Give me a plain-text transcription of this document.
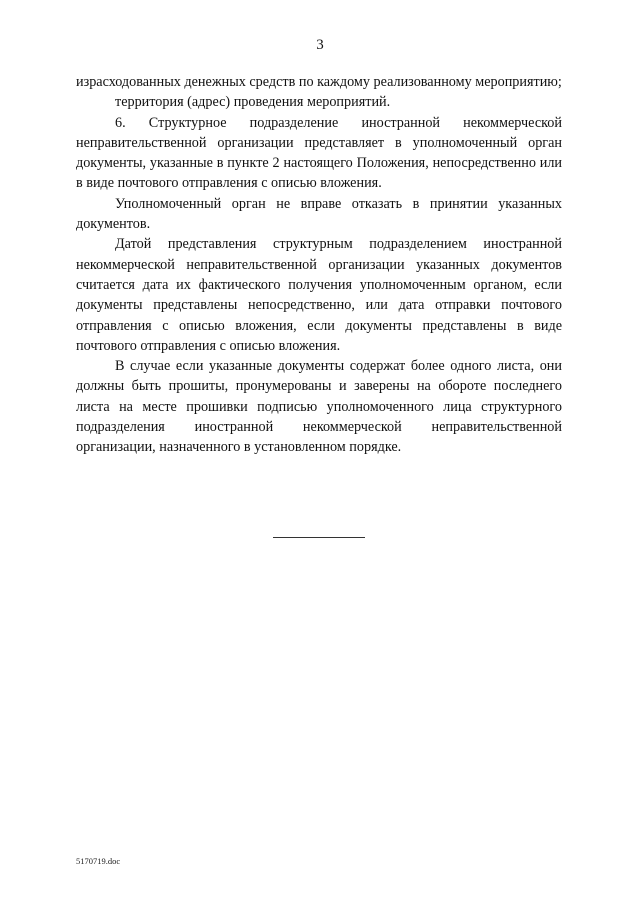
3

израсходованных денежных средств по каждому реализованному мероприятию;

территория (адрес) проведения мероприятий.

6. Структурное подразделение иностранной некоммерческой неправительственной организации представляет в уполномоченный орган документы, указанные в пункте 2 настоящего Положения, непосредственно или в виде почтового отправления с описью вложения.

Уполномоченный орган не вправе отказать в принятии указанных документов.

Датой представления структурным подразделением иностранной некоммерческой неправительственной организации указанных документов считается дата их фактического получения уполномоченным органом, если документы представлены непосредственно, или дата отправки почтового отправления с описью вложения, если документы представлены в виде почтового отправления с описью вложения.

В случае если указанные документы содержат более одного листа, они должны быть прошиты, пронумерованы и заверены на обороте последнего листа на месте прошивки подписью уполномоченного лица структурного подразделения иностранной некоммерческой неправительственной организации, назначенного в установленном порядке.

5170719.doc
